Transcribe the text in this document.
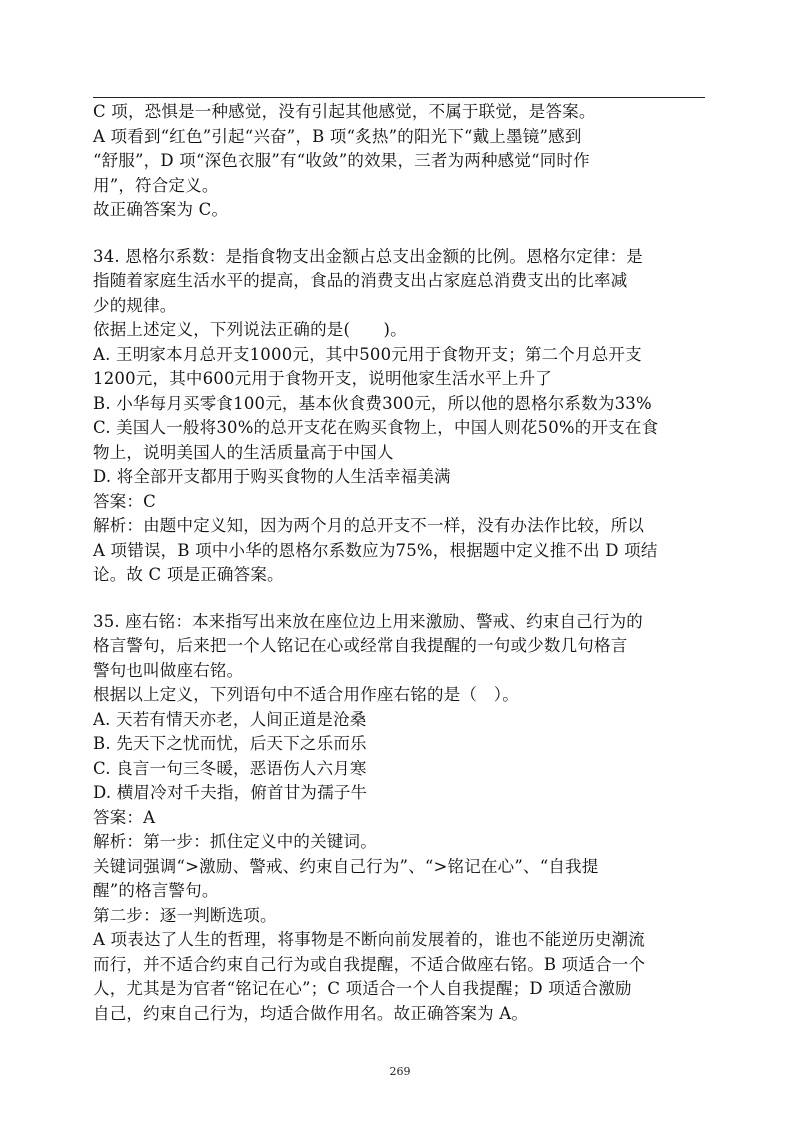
C 项，恐惧是一种感觉，没有引起其他感觉，不属于联觉，是答案。

A 项看到“红色”引起“兴奋”，B 项“炙热”的阳光下“戴上墨镜”感到

“舒服”，D 项“深色衣服”有“收敛”的效果，三者为两种感觉“同时作

用”，符合定义。

故正确答案为 C。

34. 恩格尔系数：是指食物支出金额占总支出金额的比例。恩格尔定律：是

指随着家庭生活水平的提高，食品的消费支出占家庭总消费支出的比率减

少的规律。

依据上述定义，下列说法正确的是(　　)。

A. 王明家本月总开支1000元，其中500元用于食物开支；第二个月总开支

1200元，其中600元用于食物开支，说明他家生活水平上升了

B. 小华每月买零食100元，基本伙食费300元，所以他的恩格尔系数为33%

C. 美国人一般将30%的总开支花在购买食物上，中国人则花50%的开支在食

物上，说明美国人的生活质量高于中国人

D. 将全部开支都用于购买食物的人生活幸福美满

答案：C

解析：由题中定义知，因为两个月的总开支不一样，没有办法作比较，所以

A 项错误，B 项中小华的恩格尔系数应为75%，根据题中定义推不出 D 项结

论。故 C 项是正确答案。

35. 座右铭：本来指写出来放在座位边上用来激励、警戒、约束自己行为的

格言警句，后来把一个人铭记在心或经常自我提醒的一句或少数几句格言

警句也叫做座右铭。

根据以上定义，下列语句中不适合用作座右铭的是（　）。

A. 天若有情天亦老，人间正道是沧桑

B. 先天下之忧而忧，后天下之乐而乐

C. 良言一句三冬暖，恶语伤人六月寒

D. 横眉冷对千夫指，俯首甘为孺子牛

答案：A

解析：第一步：抓住定义中的关键词。

关键词强调“>激励、警戒、约束自己行为”、“>铭记在心”、“自我提

醒”的格言警句。

第二步：逐一判断选项。

A 项表达了人生的哲理，将事物是不断向前发展着的，谁也不能逆历史潮流

而行，并不适合约束自己行为或自我提醒，不适合做座右铭。B 项适合一个

人，尤其是为官者“铭记在心”；C 项适合一个人自我提醒；D 项适合激励

自己，约束自己行为，均适合做作用名。故正确答案为 A。

269
